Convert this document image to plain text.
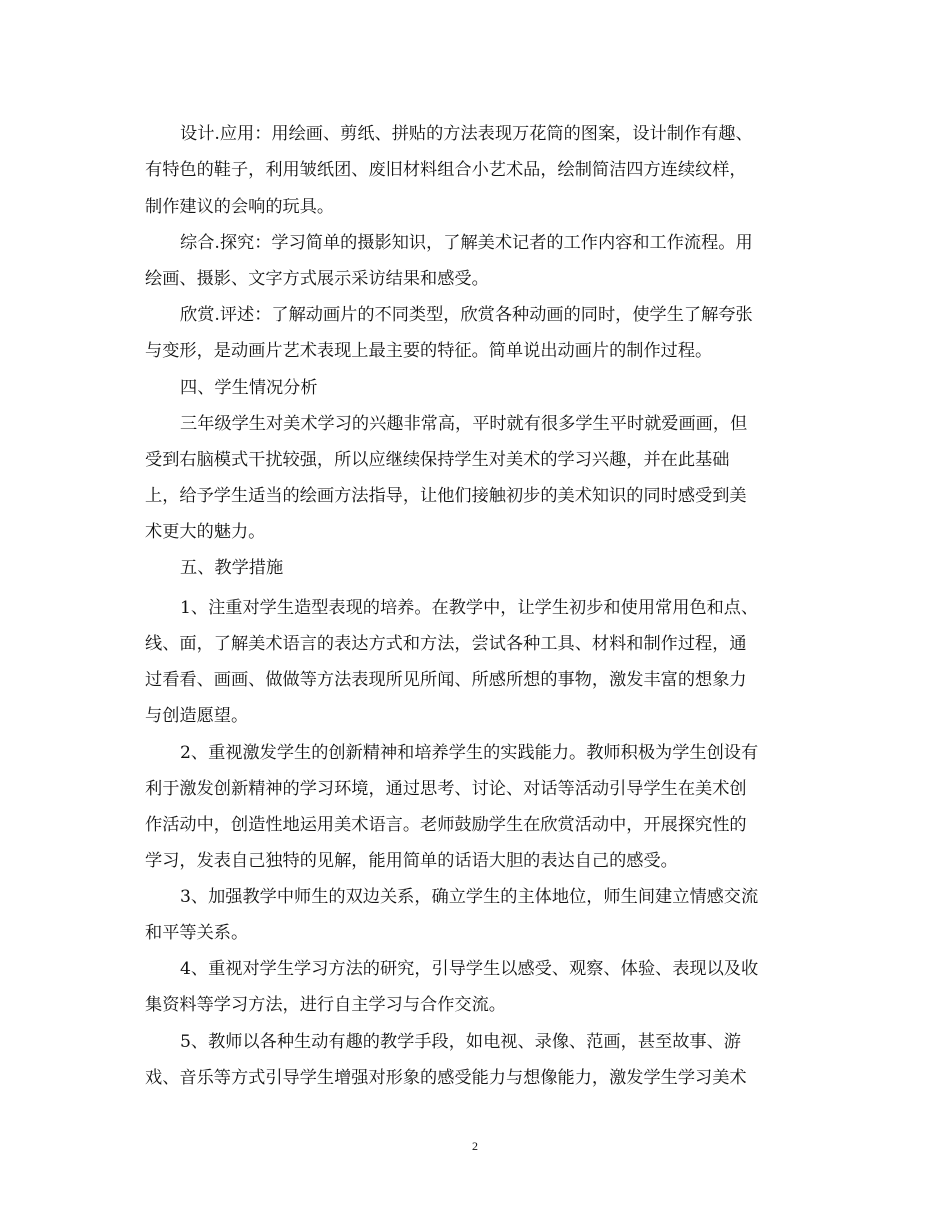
设计.应用：用绘画、剪纸、拼贴的方法表现万花筒的图案，设计制作有趣、
有特色的鞋子，利用皱纸团、废旧材料组合小艺术品，绘制简洁四方连续纹样，
制作建议的会响的玩具。
综合.探究：学习简单的摄影知识，了解美术记者的工作内容和工作流程。用
绘画、摄影、文字方式展示采访结果和感受。
欣赏.评述：了解动画片的不同类型，欣赏各种动画的同时，使学生了解夸张
与变形，是动画片艺术表现上最主要的特征。简单说出动画片的制作过程。
四、学生情况分析
三年级学生对美术学习的兴趣非常高，平时就有很多学生平时就爱画画，但
受到右脑模式干扰较强，所以应继续保持学生对美术的学习兴趣，并在此基础
上，给予学生适当的绘画方法指导，让他们接触初步的美术知识的同时感受到美
术更大的魅力。
五、教学措施
1、注重对学生造型表现的培养。在教学中，让学生初步和使用常用色和点、
线、面，了解美术语言的表达方式和方法，尝试各种工具、材料和制作过程，通
过看看、画画、做做等方法表现所见所闻、所感所想的事物，激发丰富的想象力
与创造愿望。
2、重视激发学生的创新精神和培养学生的实践能力。教师积极为学生创设有
利于激发创新精神的学习环境，通过思考、讨论、对话等活动引导学生在美术创
作活动中，创造性地运用美术语言。老师鼓励学生在欣赏活动中，开展探究性的
学习，发表自己独特的见解，能用简单的话语大胆的表达自己的感受。
3、加强教学中师生的双边关系，确立学生的主体地位，师生间建立情感交流
和平等关系。
4、重视对学生学习方法的研究，引导学生以感受、观察、体验、表现以及收
集资料等学习方法，进行自主学习与合作交流。
5、教师以各种生动有趣的教学手段，如电视、录像、范画，甚至故事、游
戏、音乐等方式引导学生增强对形象的感受能力与想像能力，激发学生学习美术
2
